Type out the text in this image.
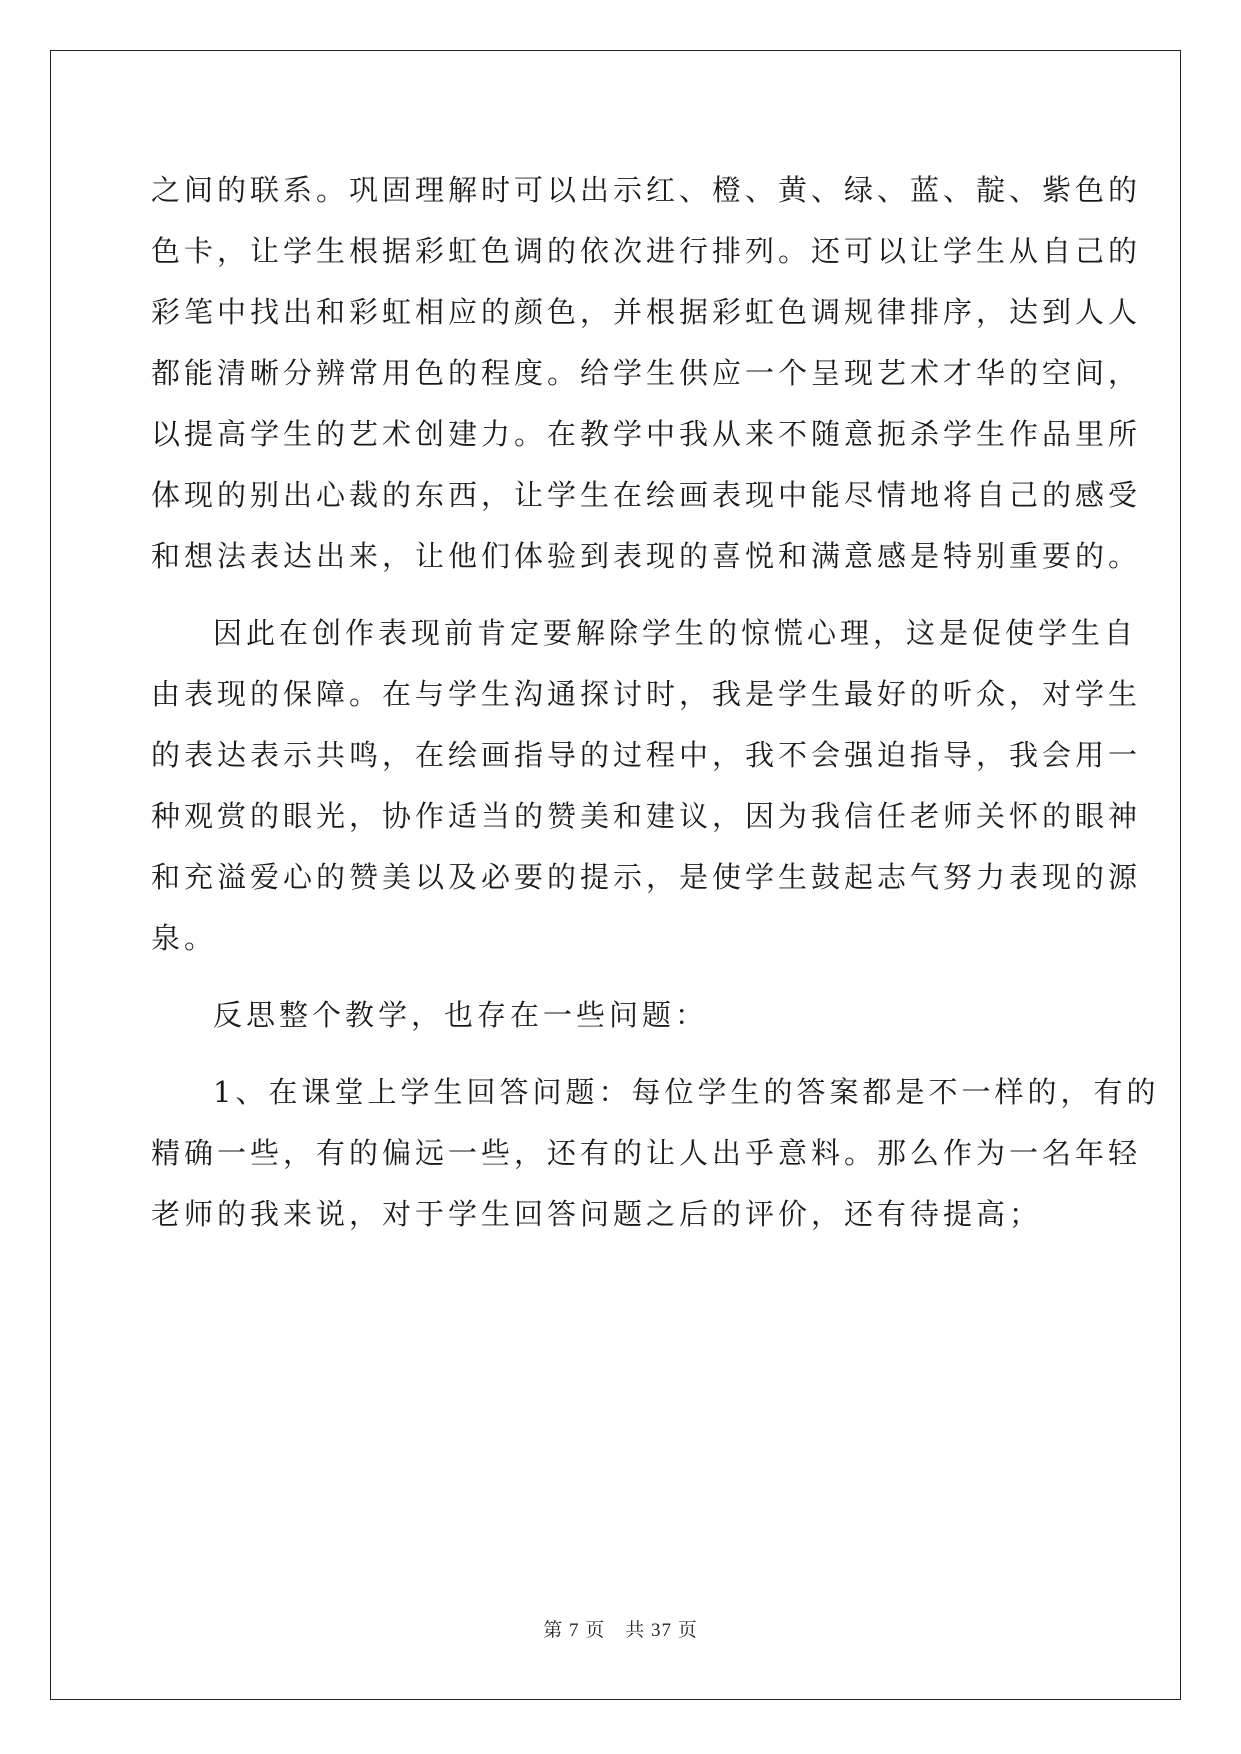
之间的联系。巩固理解时可以出示红、橙、黄、绿、蓝、靛、紫色的
色卡，让学生根据彩虹色调的依次进行排列。还可以让学生从自己的
彩笔中找出和彩虹相应的颜色，并根据彩虹色调规律排序，达到人人
都能清晰分辨常用色的程度。给学生供应一个呈现艺术才华的空间，
以提高学生的艺术创建力。在教学中我从来不随意扼杀学生作品里所
体现的别出心裁的东西，让学生在绘画表现中能尽情地将自己的感受
和想法表达出来，让他们体验到表现的喜悦和满意感是特别重要的。
因此在创作表现前肯定要解除学生的惊慌心理，这是促使学生自
由表现的保障。在与学生沟通探讨时，我是学生最好的听众，对学生
的表达表示共鸣，在绘画指导的过程中，我不会强迫指导，我会用一
种观赏的眼光，协作适当的赞美和建议，因为我信任老师关怀的眼神
和充溢爱心的赞美以及必要的提示，是使学生鼓起志气努力表现的源
泉。
反思整个教学，也存在一些问题：
1、在课堂上学生回答问题：每位学生的答案都是不一样的，有的
精确一些，有的偏远一些，还有的让人出乎意料。那么作为一名年轻
老师的我来说，对于学生回答问题之后的评价，还有待提高；
第 7 页　共 37 页
